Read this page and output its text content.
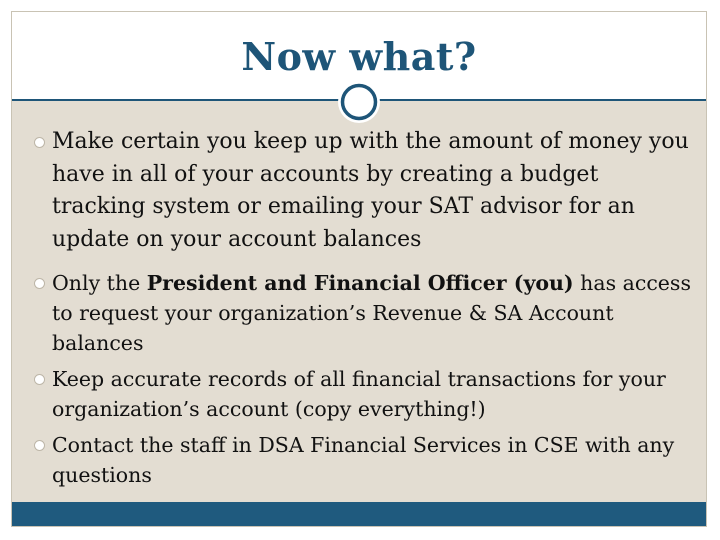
Now what?
Make certain you keep up with the amount of money you have in all of your accounts by creating a budget tracking system or emailing your SAT advisor for an update on your account balances
Only the President and Financial Officer (you) has access to request your organization’s Revenue & SA Account balances
Keep accurate records of all financial transactions for your organization’s account (copy everything!)
Contact the staff in DSA Financial Services in CSE with any questions
